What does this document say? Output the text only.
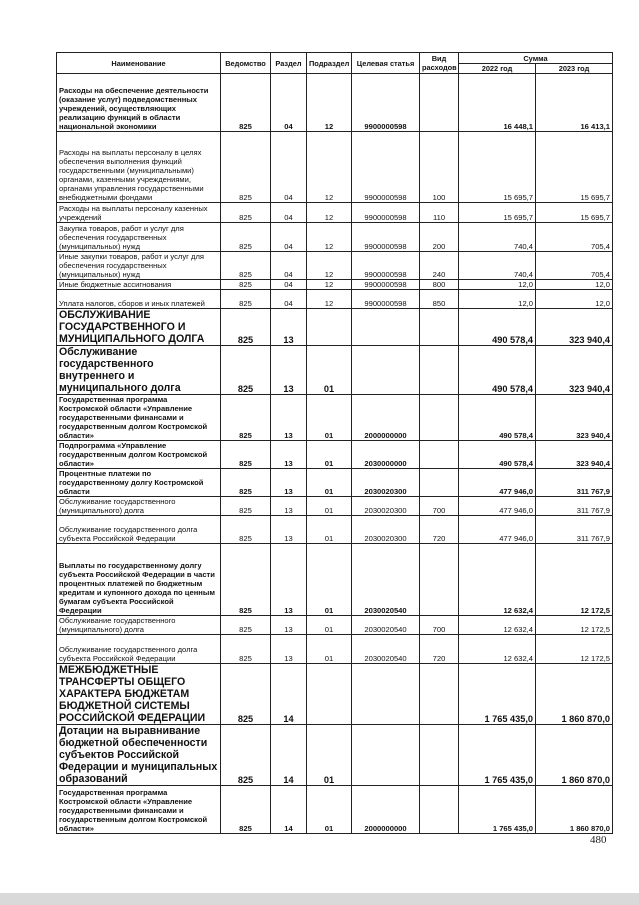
Наименование	Ведомство	Раздел	Подраздел	Целевая статья	Вид расходов	Сумма	
						2022 год	2023 год
Расходы на обеспечение деятельности (оказание услуг) подведомственных учреждений, осуществляющих реализацию функций в области национальной экономики	825	04	12	9900000598		16 448,1	16 413,1
Расходы на выплаты персоналу в целях обеспечения выполнения функций государственными (муниципальными) органами, казенными учреждениями, органами управления государственными внебюджетными фондами	825	04	12	9900000598	100	15 695,7	15 695,7
Расходы на выплаты персоналу казенных учреждений	825	04	12	9900000598	110	15 695,7	15 695,7
Закупка товаров, работ и услуг для обеспечения государственных (муниципальных) нужд	825	04	12	9900000598	200	740,4	705,4
Иные закупки товаров, работ и услуг для обеспечения государственных (муниципальных) нужд	825	04	12	9900000598	240	740,4	705,4
Иные бюджетные ассигнования	825	04	12	9900000598	800	12,0	12,0
Уплата налогов, сборов и иных платежей	825	04	12	9900000598	850	12,0	12,0
ОБСЛУЖИВАНИЕ ГОСУДАРСТВЕННОГО И МУНИЦИПАЛЬНОГО ДОЛГА	825	13				490 578,4	323 940,4
Обслуживание государственного внутреннего и муниципального долга	825	13	01			490 578,4	323 940,4
Государственная программа Костромской области «Управление государственными финансами и государственным долгом Костромской области»	825	13	01	2000000000		490 578,4	323 940,4
Подпрограмма «Управление государственным долгом Костромской области»	825	13	01	2030000000		490 578,4	323 940,4
Процентные платежи по государственному долгу Костромской области	825	13	01	2030020300		477 946,0	311 767,9
Обслуживание государственного (муниципального) долга	825	13	01	2030020300	700	477 946,0	311 767,9
Обслуживание государственного долга субъекта Российской Федерации	825	13	01	2030020300	720	477 946,0	311 767,9
Выплаты по государственному долгу субъекта Российской Федерации в части процентных платежей по бюджетным кредитам и купонного дохода по ценным бумагам субъекта Российской Федерации	825	13	01	2030020540		12 632,4	12 172,5
Обслуживание государственного (муниципального) долга	825	13	01	2030020540	700	12 632,4	12 172,5
Обслуживание государственного долга субъекта Российской Федерации	825	13	01	2030020540	720	12 632,4	12 172,5
МЕЖБЮДЖЕТНЫЕ ТРАНСФЕРТЫ ОБЩЕГО ХАРАКТЕРА БЮДЖЕТАМ БЮДЖЕТНОЙ СИСТЕМЫ РОССИЙСКОЙ ФЕДЕРАЦИИ	825	14				1 765 435,0	1 860 870,0
Дотации на выравнивание бюджетной обеспеченности субъектов Российской Федерации и муниципальных образований	825	14	01			1 765 435,0	1 860 870,0
Государственная программа Костромской области «Управление государственными финансами и государственным долгом Костромской области»	825	14	01	2000000000		1 765 435,0	1 860 870,0
480
